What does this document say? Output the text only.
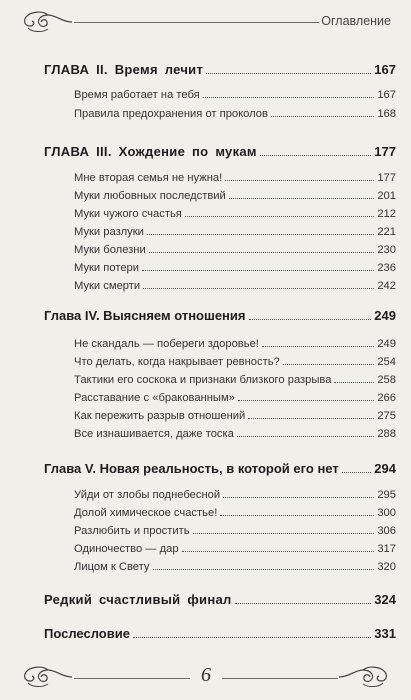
Оглавление
ГЛАВА II. Время лечит	167
Время работает на тебя	167
Правила предохранения от проколов	168
ГЛАВА III. Хождение по мукам	177
Мне вторая семья не нужна!	177
Муки любовных последствий	201
Муки чужого счастья	212
Муки разлуки	221
Муки болезни	230
Муки потери	236
Муки смерти	242
Глава IV. Выясняем отношения	249
Не скандаль — побереги здоровье!	249
Что делать, когда накрывает ревность?	254
Тактики его соскока и признаки близкого разрыва	258
Расставание с «бракованным»	266
Как пережить разрыв отношений	275
Все изнашивается, даже тоска	288
Глава V. Новая реальность, в которой его нет	294
Уйди от злобы поднебесной	295
Долой химическое счастье!	300
Разлюбить и простить	306
Одиночество — дар	317
Лицом к Свету	320
Редкий счастливый финал	324
Послесловие	331
6
